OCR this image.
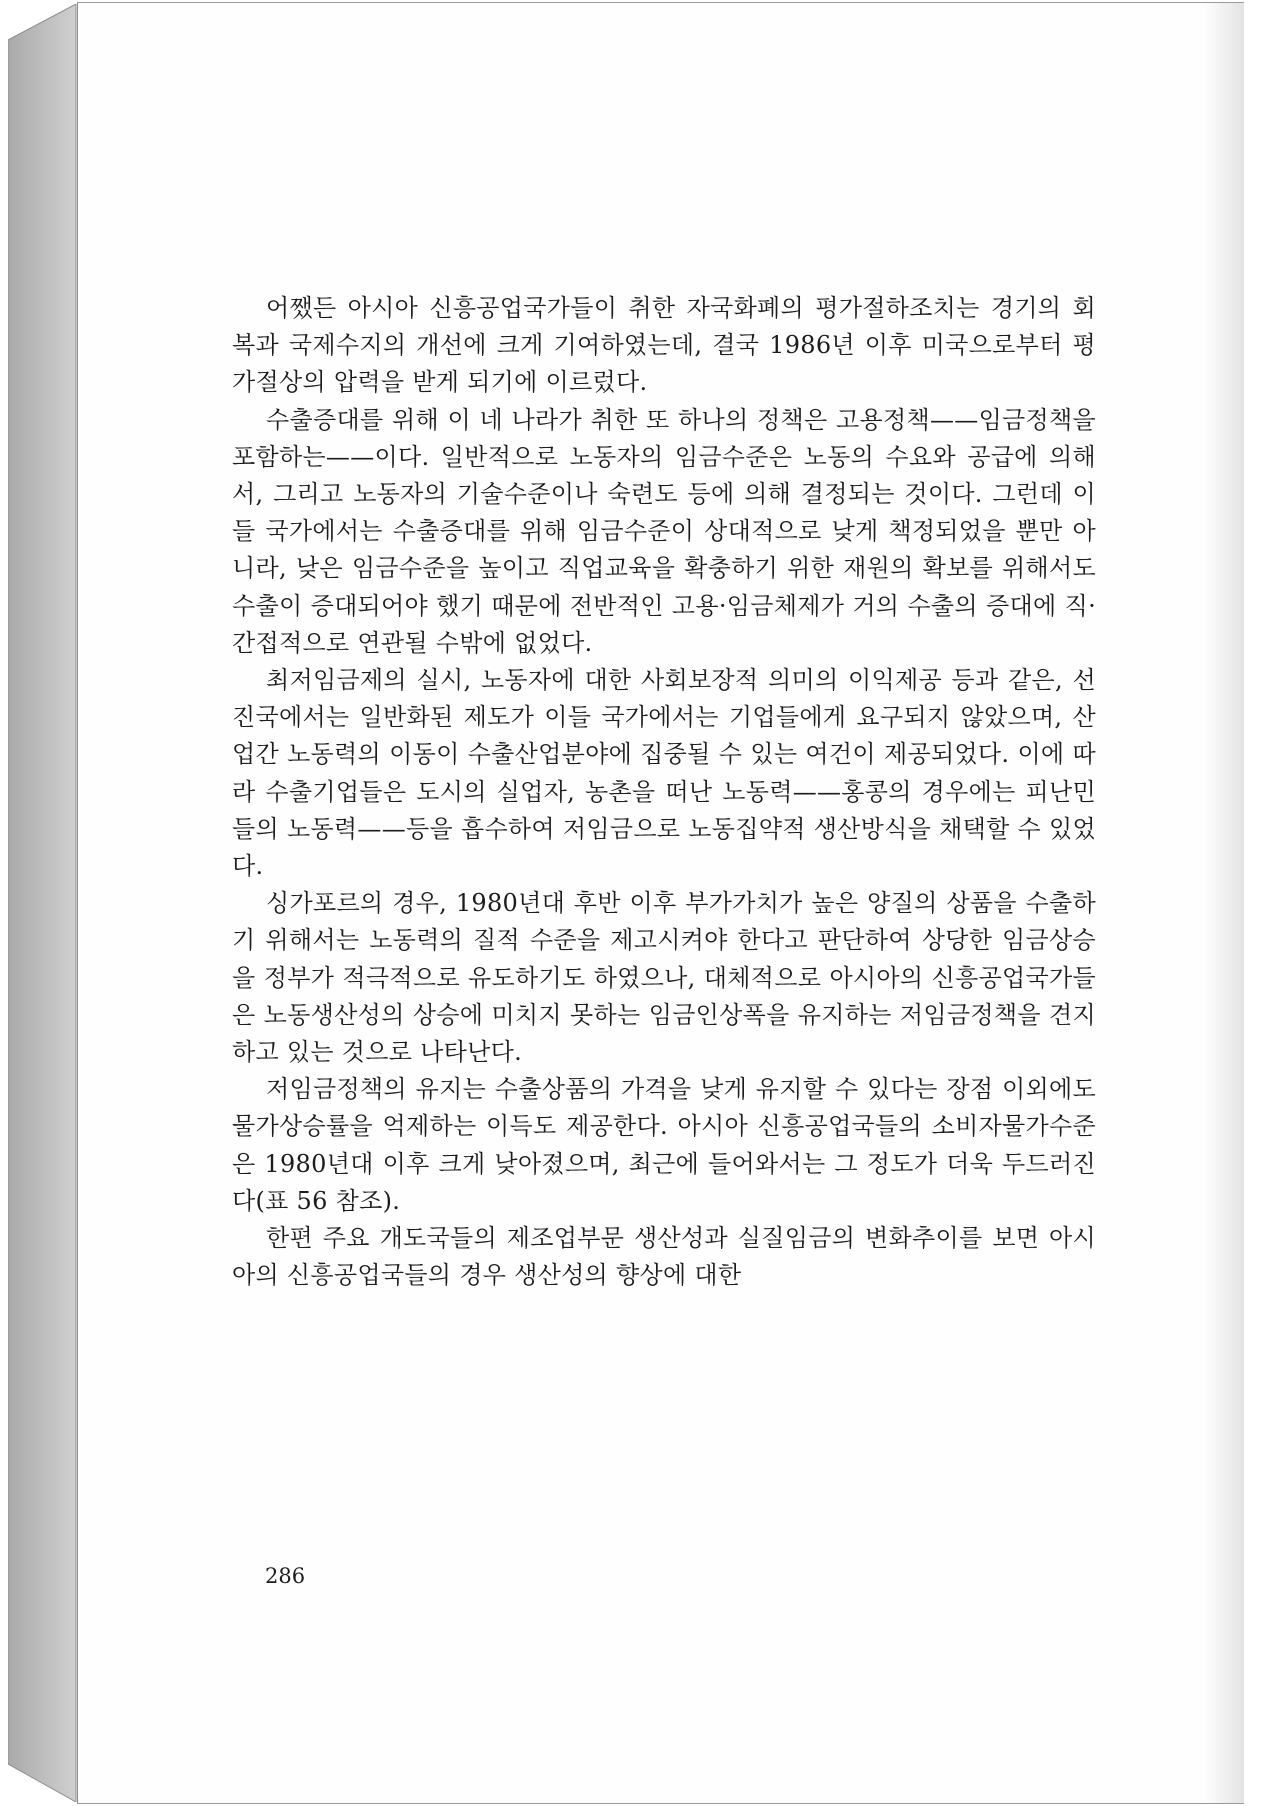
어쨌든 아시아 신흥공업국가들이 취한 자국화폐의 평가절하조치는 경기의 회복과 국제수지의 개선에 크게 기여하였는데, 결국 1986년 이후 미국으로부터 평가절상의 압력을 받게 되기에 이르렀다.

수출증대를 위해 이 네 나라가 취한 또 하나의 정책은 고용정책——임금정책을 포함하는——이다. 일반적으로 노동자의 임금수준은 노동의 수요와 공급에 의해서, 그리고 노동자의 기술수준이나 숙련도 등에 의해 결정되는 것이다. 그런데 이들 국가에서는 수출증대를 위해 임금수준이 상대적으로 낮게 책정되었을 뿐만 아니라, 낮은 임금수준을 높이고 직업교육을 확충하기 위한 재원의 확보를 위해서도 수출이 증대되어야 했기 때문에 전반적인 고용·임금체제가 거의 수출의 증대에 직·간접적으로 연관될 수밖에 없었다.

최저임금제의 실시, 노동자에 대한 사회보장적 의미의 이익제공 등과 같은, 선진국에서는 일반화된 제도가 이들 국가에서는 기업들에게 요구되지 않았으며, 산업간 노동력의 이동이 수출산업분야에 집중될 수 있는 여건이 제공되었다. 이에 따라 수출기업들은 도시의 실업자, 농촌을 떠난 노동력——홍콩의 경우에는 피난민들의 노동력——등을 흡수하여 저임금으로 노동집약적 생산방식을 채택할 수 있었다.

싱가포르의 경우, 1980년대 후반 이후 부가가치가 높은 양질의 상품을 수출하기 위해서는 노동력의 질적 수준을 제고시켜야 한다고 판단하여 상당한 임금상승을 정부가 적극적으로 유도하기도 하였으나, 대체적으로 아시아의 신흥공업국가들은 노동생산성의 상승에 미치지 못하는 임금인상폭을 유지하는 저임금정책을 견지하고 있는 것으로 나타난다.

저임금정책의 유지는 수출상품의 가격을 낮게 유지할 수 있다는 장점 이외에도 물가상승률을 억제하는 이득도 제공한다. 아시아 신흥공업국들의 소비자물가수준은 1980년대 이후 크게 낮아졌으며, 최근에 들어와서는 그 정도가 더욱 두드러진다(표 56 참조).

한편 주요 개도국들의 제조업부문 생산성과 실질임금의 변화추이를 보면 아시아의 신흥공업국들의 경우 생산성의 향상에 대한

286
